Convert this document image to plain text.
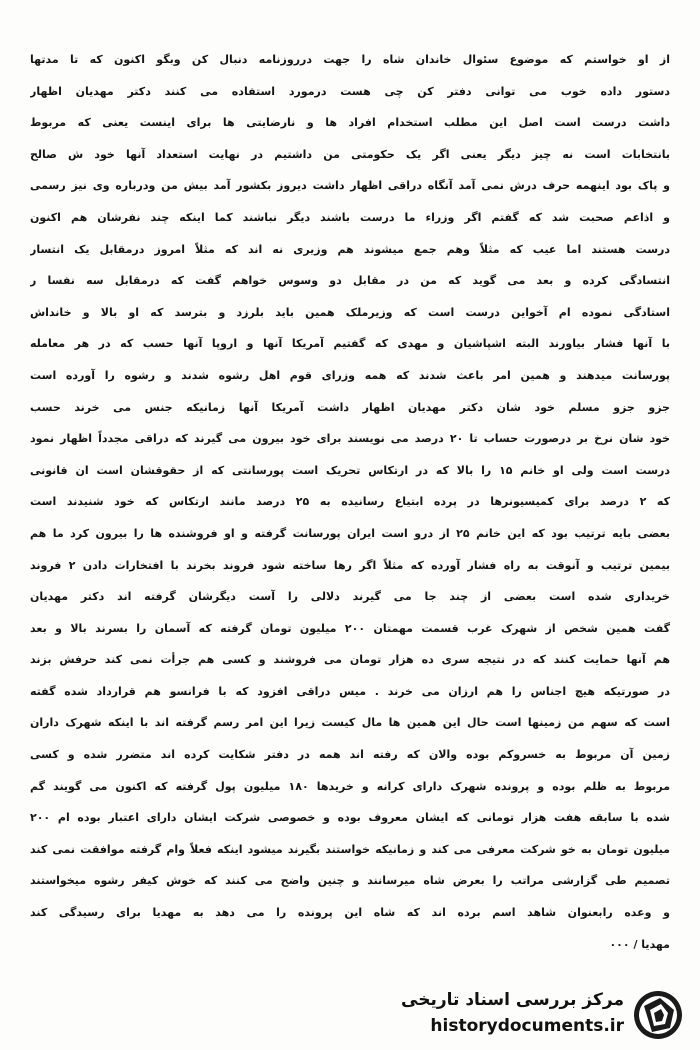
از او خواستم که موضوع سئوال خاندان شاه را جهت درروزنامه دنبال کن وبگو اکنون که تا مدتها
دستور داده خوب مى توانى دفتر كن چى هست درمورد استفاده مى كنند دكتر مهديان اظهار
داشت درست است اصل این مطلب استخدام افراد ها و نارضایتی ها برای اینست یعنی که مربوط
بانتخابات است نه چیز دیگر یعنی اگر یک حکومتی من داشتیم در نهایت استعداد آنها خود ش صالح
و پاک بود اینهمه حرف درش نمی آمد آنگاه دراقی اظهار داشت دیروز بکشور آمد بیش من ودرباره وی نیز رسمی
و اذاعم صحبت شد که گفتم اگر وزراء ما درست باشند دیگر نباشند کما اینکه چند نفرشان هم اکنون
درست هستند اما عیب که مثلاً وهم جمع میشوند هم وزیری نه اند که مثلاً امروز درمقابل یک انتسار
انتسادگی کرده و بعد می گوید که من در مقابل دو وسوس خواهم گفت که درمقابل سه نفسا ر
استادگی نموده ام آخواین درست است که وزیرملک همین باید بلرزد و بترسد که او بالا و خانداش
با آنها فشار بیاورند البته اشپاشیان و مهدی که گفتیم آمریکا آنها و اروپا آنها حسب که در هر معامله
پورسانت میدهند و همین امر باعث شدند که همه وزرای قوم اهل رشوه شدند و رشوه را آورده است
جزو جزو مسلم خود شان دکتر مهدیان اظهار داشت آمریکا آنها زمانیکه جنس می خرند حسب
خود شان نرخ بر درصورت حساب تا ۲۰ درصد می نویسند برای خود بیرون می گیرند که دراقی مجدداً اظهار نمود
درست است ولی او خانم ۱۵ را بالا که در ارتکاس تحریک است پورسانتی که از حقوقشان است ان قانونی
که ۲ درصد برای کمیسیونرها در پرده ابتیاع رسانیده به ۲۵ درصد مانند ارتکاس که خود شنیدند است
بعضی بایه ترتیب بود که این خانم ۲۵ از درو است ایران پورسانت گرفته و او فروشنده ها را بیرون کرد ما هم
بیمین ترتیب و آنوقت به راه فشار آورده که مثلاً اگر رها ساخته شود فروند بخرند با افتخارات دادن ۲ فروند
خریداری شده است بعضی از چند جا می گیرند دلالی را آست دیگرشان گرفته اند دکتر مهدیان
گفت همین شخص از شهرک غرب قسمت مهمتان ۲۰۰ میلیون تومان گرفته که آسمان را بسرند بالا و بعد
هم آنها حمایت کنند که در نتیجه سری ده هزار تومان می فروشند و کسی هم جرأت نمی کند حرفش بزند
در صورتیکه هیچ اجناس را هم ارزان می خرند . میس دراقی افزود که با فرانسو هم قرارداد شده گفته
است که سهم من زمینها است حال این همین ها مال کیست زیرا این امر رسم گرفته اند با اینکه شهرک داران
زمین آن مربوط به خسروکم بوده والان که رفته اند همه در دفتر شکایت کرده اند متضرر شده و کسی
مربوط به ظلم بوده و پرونده شهرک دارای کرانه و خریدها ۱۸۰ میلیون پول گرفته که اکنون می گویند گم
شده با سابقه هفت هزار تومانی که ایشان معروف بوده و خصوصی شرکت ایشان دارای اعتبار بوده ام ۲۰۰
میلیون تومان به خو شرکت معرفی می کند و زمانیکه خواستند بگیرند میشود اینکه فعلاً وام گرفته موافقت نمی کند
تصمیم طی گزارشی مراتب را بعرض شاه میرسانند و چنین واضح می کنند که خوش کیفر رشوه میخواستند
و وعده رابعنوان شاهد اسم برده اند که شاه این پرونده را می دهد به مهدیا برای رسیدگی کند
مهدیا / ۰۰۰
مرکز بررسی اسناد تاریخی
historydocuments.ir
